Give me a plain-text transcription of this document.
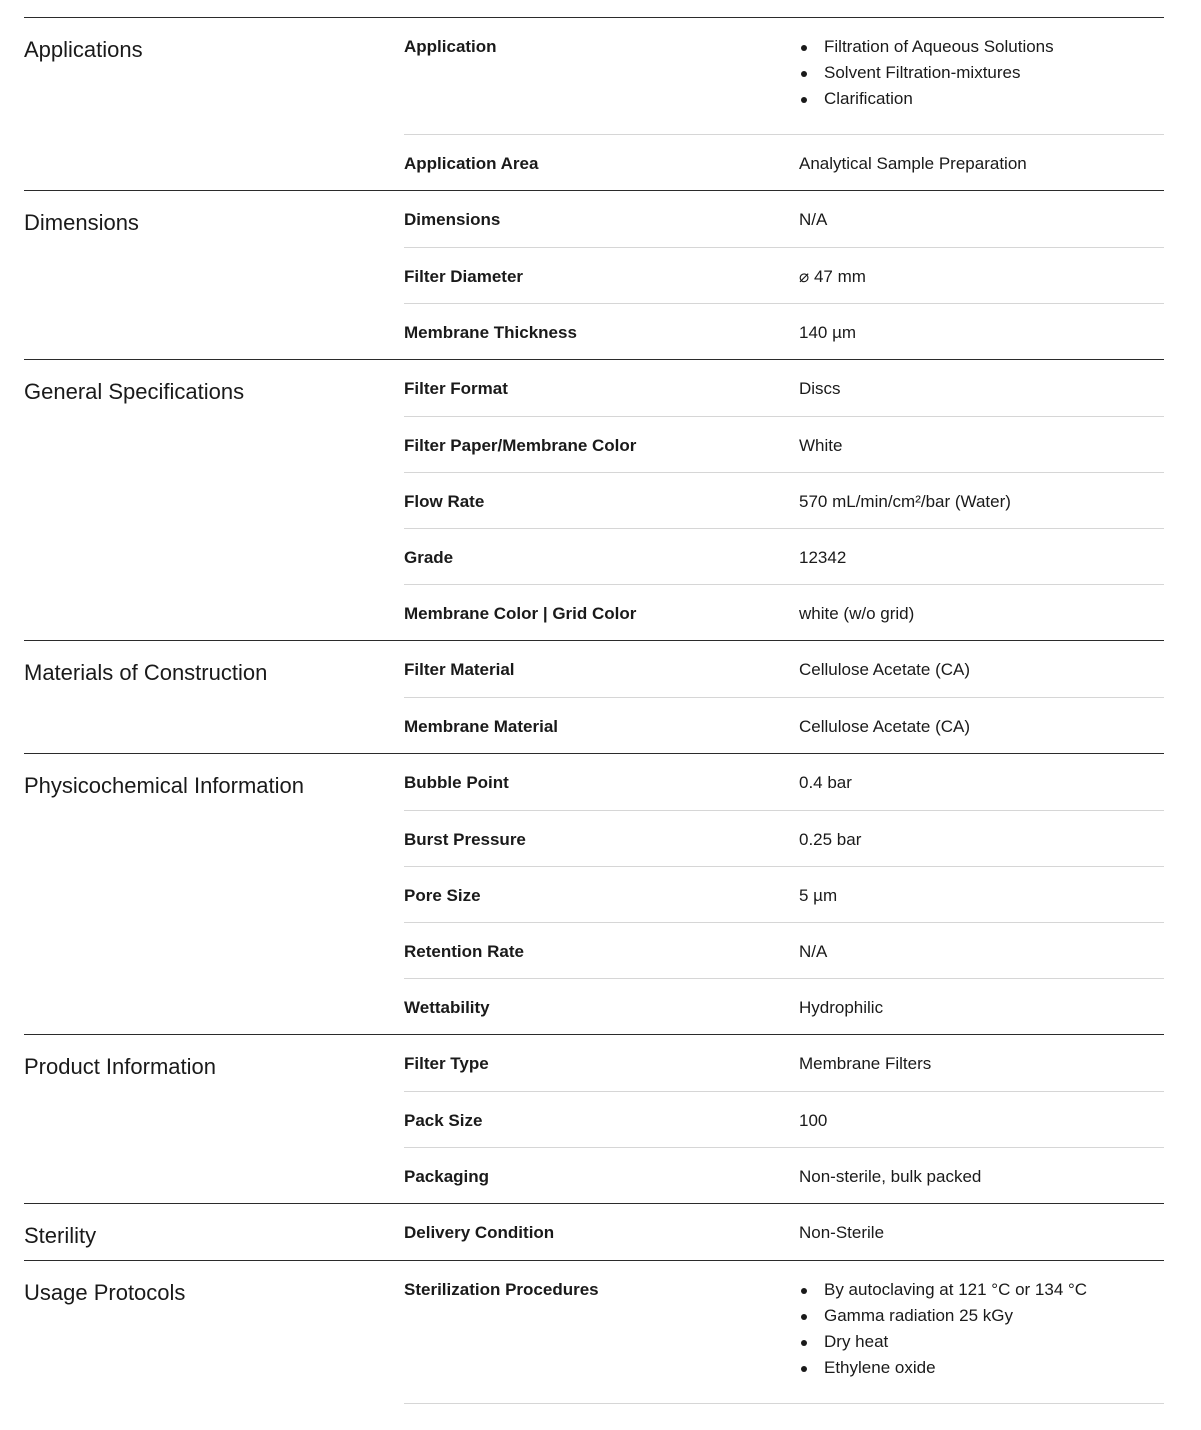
Applications	Application	Filtration of Aqueous Solutions
Solvent Filtration-mixtures
Clarification
Application Area	Analytical Sample Preparation
Dimensions	Dimensions	N/A
Filter Diameter	⌀ 47 mm
Membrane Thickness	140 µm
General Specifications	Filter Format	Discs
Filter Paper/Membrane Color	White
Flow Rate	570 mL/min/cm²/bar (Water)
Grade	12342
Membrane Color | Grid Color	white (w/o grid)
Materials of Construction	Filter Material	Cellulose Acetate (CA)
Membrane Material	Cellulose Acetate (CA)
Physicochemical Information	Bubble Point	0.4 bar
Burst Pressure	0.25 bar
Pore Size	5 µm
Retention Rate	N/A
Wettability	Hydrophilic
Product Information	Filter Type	Membrane Filters
Pack Size	100
Packaging	Non-sterile, bulk packed
Sterility	Delivery Condition	Non-Sterile
Usage Protocols	Sterilization Procedures	By autoclaving at 121 °C or 134 °C
Gamma radiation 25 kGy
Dry heat
Ethylene oxide
